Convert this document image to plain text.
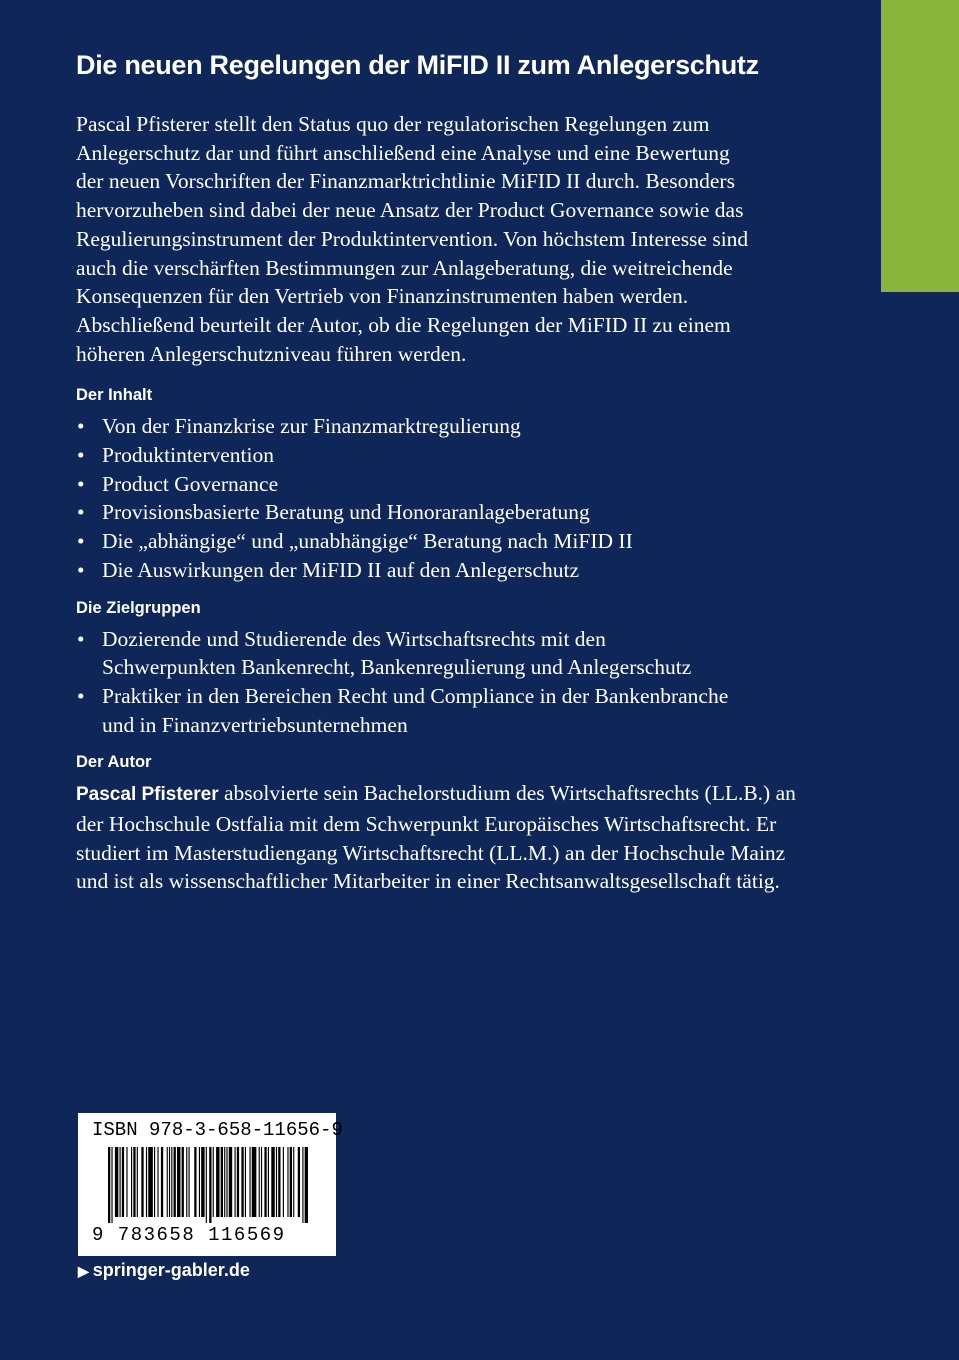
Die neuen Regelungen der MiFID II zum Anlegerschutz
Pascal Pfisterer stellt den Status quo der regulatorischen Regelungen zum
Anlegerschutz dar und führt anschließend eine Analyse und eine Bewertung
der neuen Vorschriften der Finanzmarktrichtlinie MiFID II durch. Besonders
hervorzuheben sind dabei der neue Ansatz der Product Governance sowie das
Regulierungsinstrument der Produktintervention. Von höchstem Interesse sind
auch die verschärften Bestimmungen zur Anlageberatung, die weitreichende
Konsequenzen für den Vertrieb von Finanzinstrumenten haben werden.
Abschließend beurteilt der Autor, ob die Regelungen der MiFID II zu einem
höheren Anlegerschutzniveau führen werden.
Der Inhalt
• Von der Finanzkrise zur Finanzmarktregulierung
• Produktintervention
• Product Governance
• Provisionsbasierte Beratung und Honoraranlageberatung
• Die „abhängige“ und „unabhängige“ Beratung nach MiFID II
• Die Auswirkungen der MiFID II auf den Anlegerschutz
Die Zielgruppen
• Dozierende und Studierende des Wirtschaftsrechts mit den
Schwerpunkten Bankenrecht, Bankenregulierung und Anlegerschutz
• Praktiker in den Bereichen Recht und Compliance in der Bankenbranche
und in Finanzvertriebsunternehmen
Der Autor
Pascal Pfisterer absolvierte sein Bachelorstudium des Wirtschaftsrechts (LL.B.) an
der Hochschule Ostfalia mit dem Schwerpunkt Europäisches Wirtschaftsrecht. Er
studiert im Masterstudiengang Wirtschaftsrecht (LL.M.) an der Hochschule Mainz
und ist als wissenschaftlicher Mitarbeiter in einer Rechtsanwaltsgesellschaft tätig.
ISBN 978-3-658-11656-9
9 783658 116569
▶ springer-gabler.de
